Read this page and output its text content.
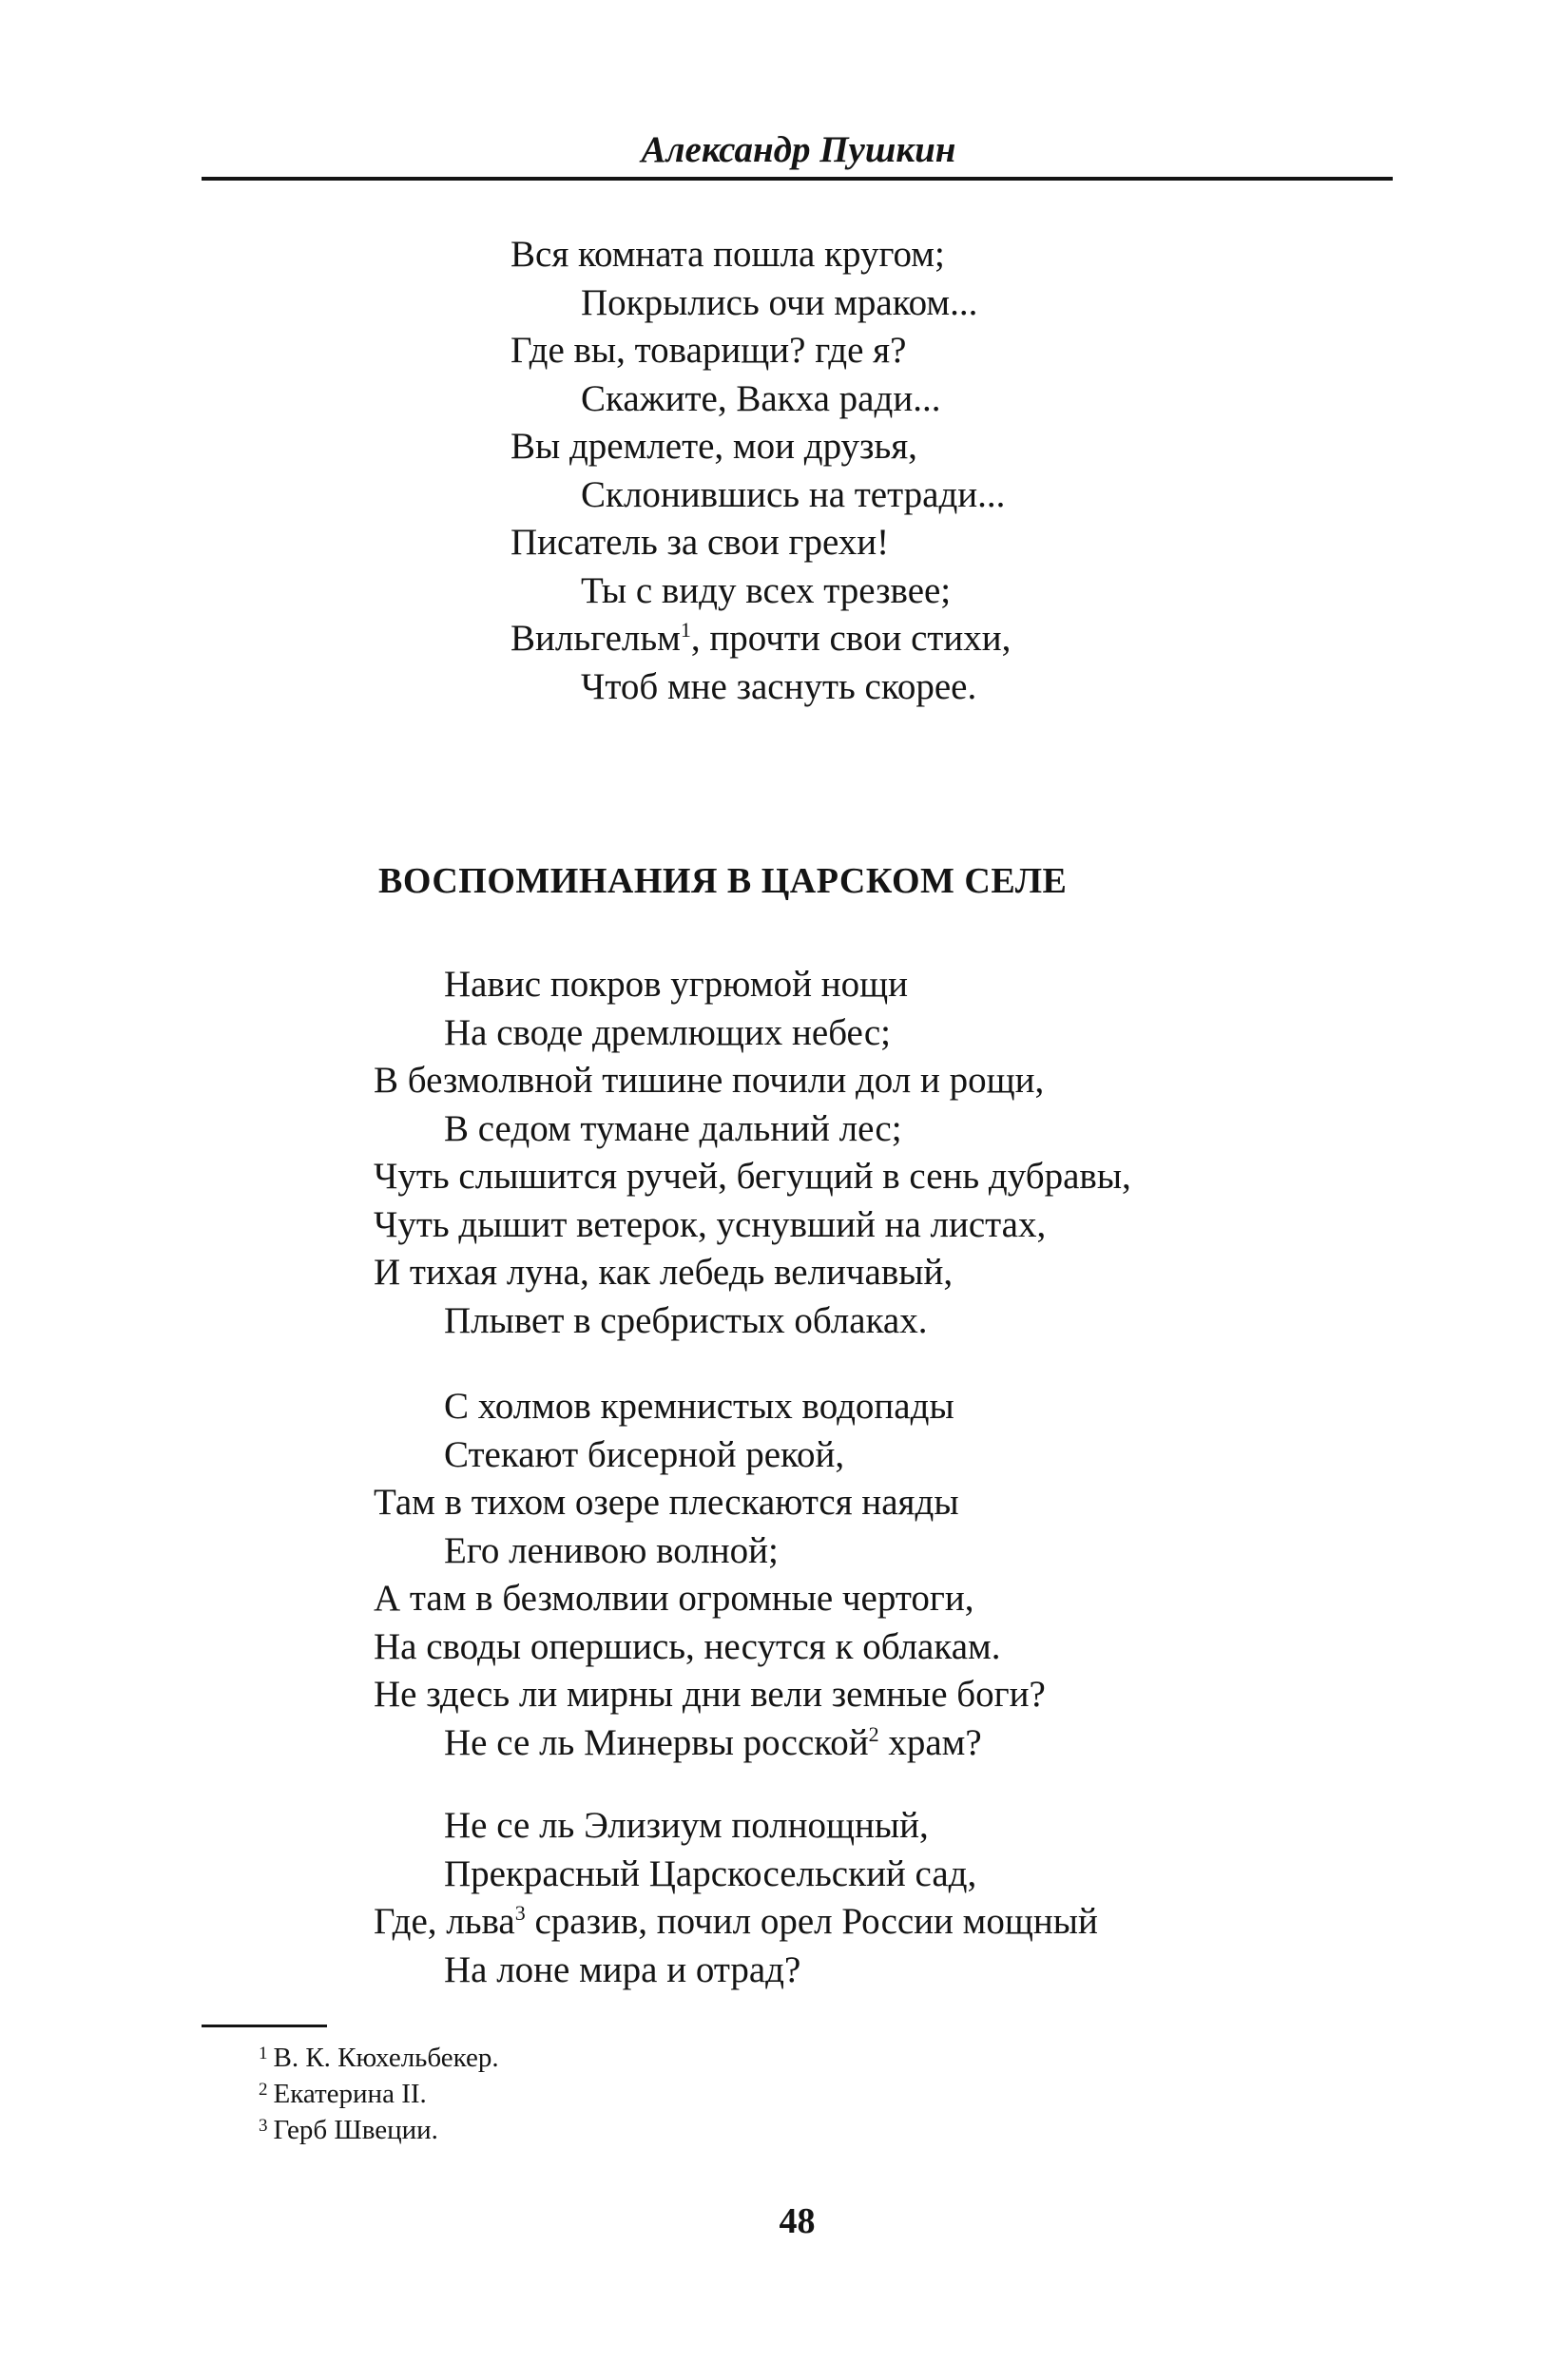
Александр Пушкин
Вся комната пошла кругом;
Покрылись очи мраком...
Где вы, товарищи? где я?
Скажите, Вакха ради...
Вы дремлете, мои друзья,
Склонившись на тетради...
Писатель за свои грехи!
Ты с виду всех трезвее;
Вильгельм$^1$, прочти свои стихи,
Чтоб мне заснуть скорее.
ВОСПОМИНАНИЯ В ЦАРСКОМ СЕЛЕ
Навис покров угрюмой нощи
На своде дремлющих небес;
В безмолвной тишине почили дол и рощи,
В седом тумане дальний лес;
Чуть слышится ручей, бегущий в сень дубравы,
Чуть дышит ветерок, уснувший на листах,
И тихая луна, как лебедь величавый,
Плывет в сребристых облаках.
С холмов кремнистых водопады
Стекают бисерной рекой,
Там в тихом озере плескаются наяды
Его ленивою волной;
А там в безмолвии огромные чертоги,
На своды опершись, несутся к облакам.
Не здесь ли мирны дни вели земные боги?
Не се ль Минервы росской$^2$ храм?
Не се ль Элизиум полнощный,
Прекрасный Царскосельский сад,
Где, льва$^3$ сразив, почил орел России мощный
На лоне мира и отрад?
$^1$ В. К. Кюхельбекер.
$^2$ Екатерина II.
$^3$ Герб Швеции.
48
